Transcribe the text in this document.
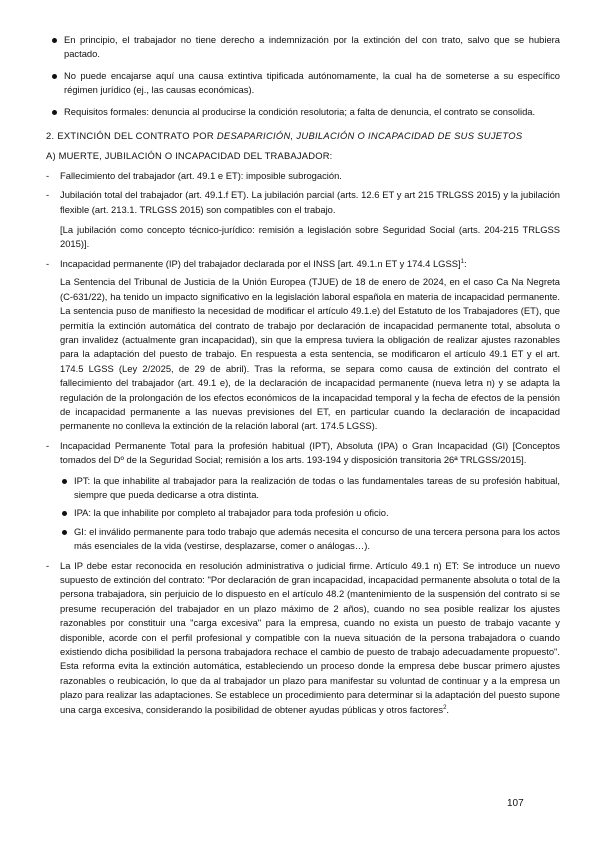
En principio, el trabajador no tiene derecho a indemnización por la extinción del con trato, salvo que se hubiera pactado.
No puede encajarse aquí una causa extintiva tipificada autónomamente, la cual ha de someterse a su específico régimen jurídico (ej., las causas económicas).
Requisitos formales: denuncia al producirse la condición resolutoria; a falta de denuncia, el contrato se consolida.

2. EXTINCIÓN DEL CONTRATO POR DESAPARICIÓN, JUBILACIÓN O INCAPACIDAD DE SUS SUJETOS

A) MUERTE, JUBILACIÓN O INCAPACIDAD DEL TRABAJADOR:

- Fallecimiento del trabajador (art. 49.1 e ET): imposible subrogación.

- Jubilación total del trabajador (art. 49.1.f ET). La jubilación parcial (arts. 12.6 ET y art 215 TRLGSS 2015) y la jubilación flexible (art. 213.1. TRLGSS 2015) son compatibles con el trabajo.

[La jubilación como concepto técnico-jurídico: remisión a legislación sobre Seguridad Social (arts. 204-215 TRLGSS 2015)].

- Incapacidad permanente (IP) del trabajador declarada por el INSS [art. 49.1.n ET y 174.4 LGSS]$^1$:

La Sentencia del Tribunal de Justicia de la Unión Europea (TJUE) de 18 de enero de 2024, en el caso Ca Na Negreta (C-631/22), ha tenido un impacto significativo en la legislación laboral española en materia de incapacidad permanente. La sentencia puso de manifiesto la necesidad de modificar el artículo 49.1.e) del Estatuto de los Trabajadores (ET), que permitía la extinción automática del contrato de trabajo por declaración de incapacidad permanente total, absoluta o gran invalidez (actualmente gran incapacidad), sin que la empresa tuviera la obligación de realizar ajustes razonables para la adaptación del puesto de trabajo. En respuesta a esta sentencia, se modificaron el artículo 49.1 ET y el art. 174.5 LGSS (Ley 2/2025, de 29 de abril). Tras la reforma, se separa como causa de extinción del contrato el fallecimiento del trabajador (art. 49.1 e), de la declaración de incapacidad permanente (nueva letra n) y se adapta la regulación de la prolongación de los efectos económicos de la incapacidad temporal y la fecha de efectos de la pensión de incapacidad permanente a las nuevas previsiones del ET, en particular cuando la declaración de incapacidad permanente no conlleva la extinción de la relación laboral (art. 174.5 LGSS).

- Incapacidad Permanente Total para la profesión habitual (IPT), Absoluta (IPA) o Gran Incapacidad (GI) [Conceptos tomados del Dº de la Seguridad Social; remisión a los arts. 193-194 y disposición transitoria 26ª TRLGSS/2015].

IPT: la que inhabilite al trabajador para la realización de todas o las fundamentales tareas de su profesión habitual, siempre que pueda dedicarse a otra distinta.
IPA: la que inhabilite por completo al trabajador para toda profesión u oficio.
GI: el inválido permanente para todo trabajo que además necesita el concurso de una tercera persona para los actos más esenciales de la vida (vestirse, desplazarse, comer o análogas…).
- La IP debe estar reconocida en resolución administrativa o judicial firme. Artículo 49.1 n) ET: Se introduce un nuevo supuesto de extinción del contrato: "Por declaración de gran incapacidad, incapacidad permanente absoluta o total de la persona trabajadora, sin perjuicio de lo dispuesto en el artículo 48.2 (mantenimiento de la suspensión del contrato si se presume recuperación del trabajador en un plazo máximo de 2 años), cuando no sea posible realizar los ajustes razonables por constituir una "carga excesiva" para la empresa, cuando no exista un puesto de trabajo vacante y disponible, acorde con el perfil profesional y compatible con la nueva situación de la persona trabajadora o cuando existiendo dicha posibilidad la persona trabajadora rechace el cambio de puesto de trabajo adecuadamente propuesto". Esta reforma evita la extinción automática, estableciendo un proceso donde la empresa debe buscar primero ajustes razonables o reubicación, lo que da al trabajador un plazo para manifestar su voluntad de continuar y a la empresa un plazo para realizar las adaptaciones. Se establece un procedimiento para determinar si la adaptación del puesto supone una carga excesiva, considerando la posibilidad de obtener ayudas públicas y otros factores$^2$.

107
